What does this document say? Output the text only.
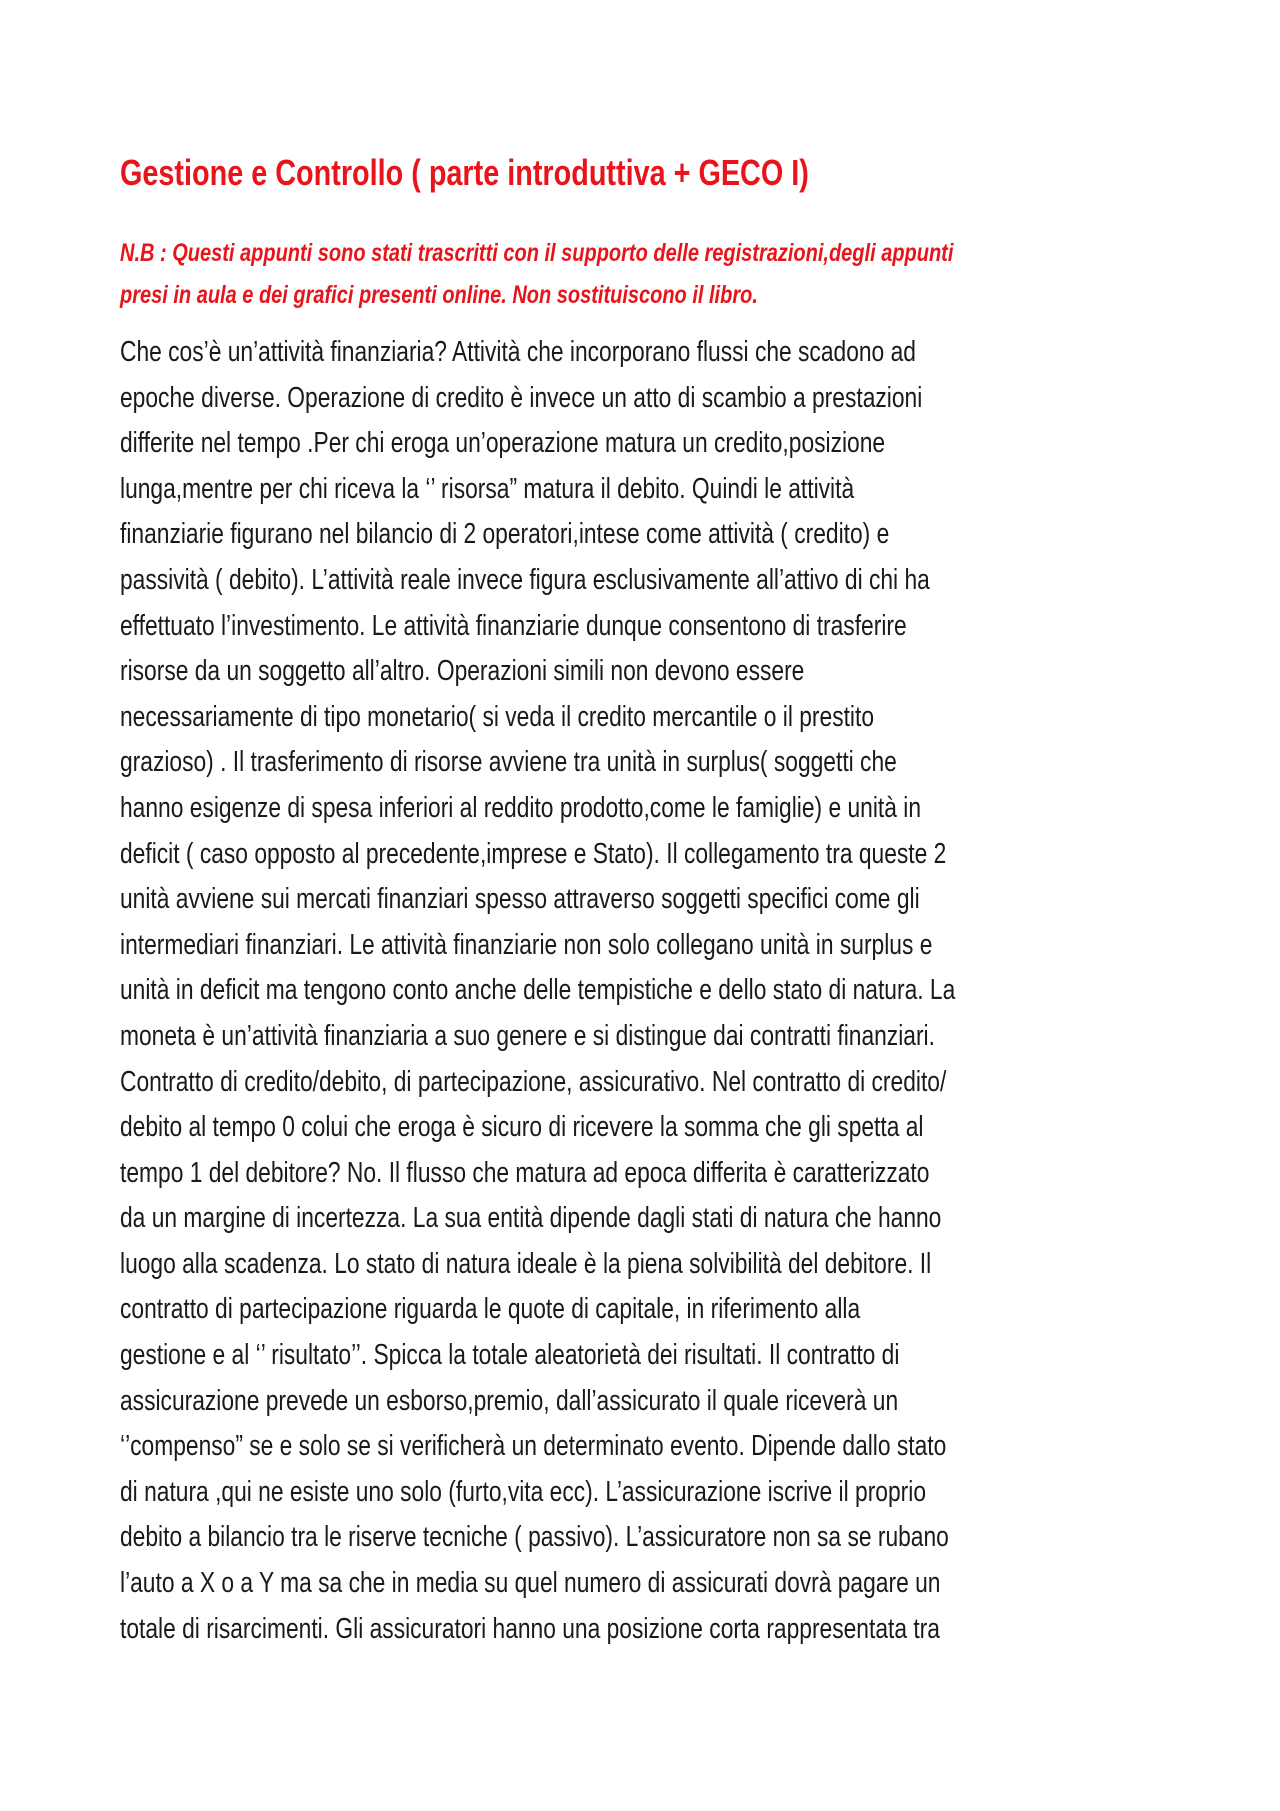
Gestione e Controllo ( parte introduttiva + GECO I)
N.B : Questi appunti sono stati trascritti con il supporto delle registrazioni,degli appunti
presi in aula e dei grafici presenti online. Non sostituiscono il libro.
Che cos’è un’attività finanziaria? Attività che incorporano flussi che scadono ad
epoche diverse. Operazione di credito è invece un atto di scambio a prestazioni
differite nel tempo .Per chi eroga un’operazione matura un credito,posizione
lunga,mentre per chi riceva la ‘’ risorsa” matura il debito. Quindi le attività
finanziarie figurano nel bilancio di 2 operatori,intese come attività ( credito) e
passività ( debito). L’attività reale invece figura esclusivamente all’attivo di chi ha
effettuato l’investimento. Le attività finanziarie dunque consentono di trasferire
risorse da un soggetto all’altro. Operazioni simili non devono essere
necessariamente di tipo monetario( si veda il credito mercantile o il prestito
grazioso) . Il trasferimento di risorse avviene tra unità in surplus( soggetti che
hanno esigenze di spesa inferiori al reddito prodotto,come le famiglie) e unità in
deficit ( caso opposto al precedente,imprese e Stato). Il collegamento tra queste 2
unità avviene sui mercati finanziari spesso attraverso soggetti specifici come gli
intermediari finanziari. Le attività finanziarie non solo collegano unità in surplus e
unità in deficit ma tengono conto anche delle tempistiche e dello stato di natura. La
moneta è un’attività finanziaria a suo genere e si distingue dai contratti finanziari.
Contratto di credito/debito, di partecipazione, assicurativo. Nel contratto di credito/
debito al tempo 0 colui che eroga è sicuro di ricevere la somma che gli spetta al
tempo 1 del debitore? No. Il flusso che matura ad epoca differita è caratterizzato
da un margine di incertezza. La sua entità dipende dagli stati di natura che hanno
luogo alla scadenza. Lo stato di natura ideale è la piena solvibilità del debitore. Il
contratto di partecipazione riguarda le quote di capitale, in riferimento alla
gestione e al ‘’ risultato’’. Spicca la totale aleatorietà dei risultati. Il contratto di
assicurazione prevede un esborso,premio, dall’assicurato il quale riceverà un
‘’compenso” se e solo se si verificherà un determinato evento. Dipende dallo stato
di natura ,qui ne esiste uno solo (furto,vita ecc). L’assicurazione iscrive il proprio
debito a bilancio tra le riserve tecniche ( passivo). L’assicuratore non sa se rubano
l’auto a X o a Y ma sa che in media su quel numero di assicurati dovrà pagare un
totale di risarcimenti. Gli assicuratori hanno una posizione corta rappresentata tra
